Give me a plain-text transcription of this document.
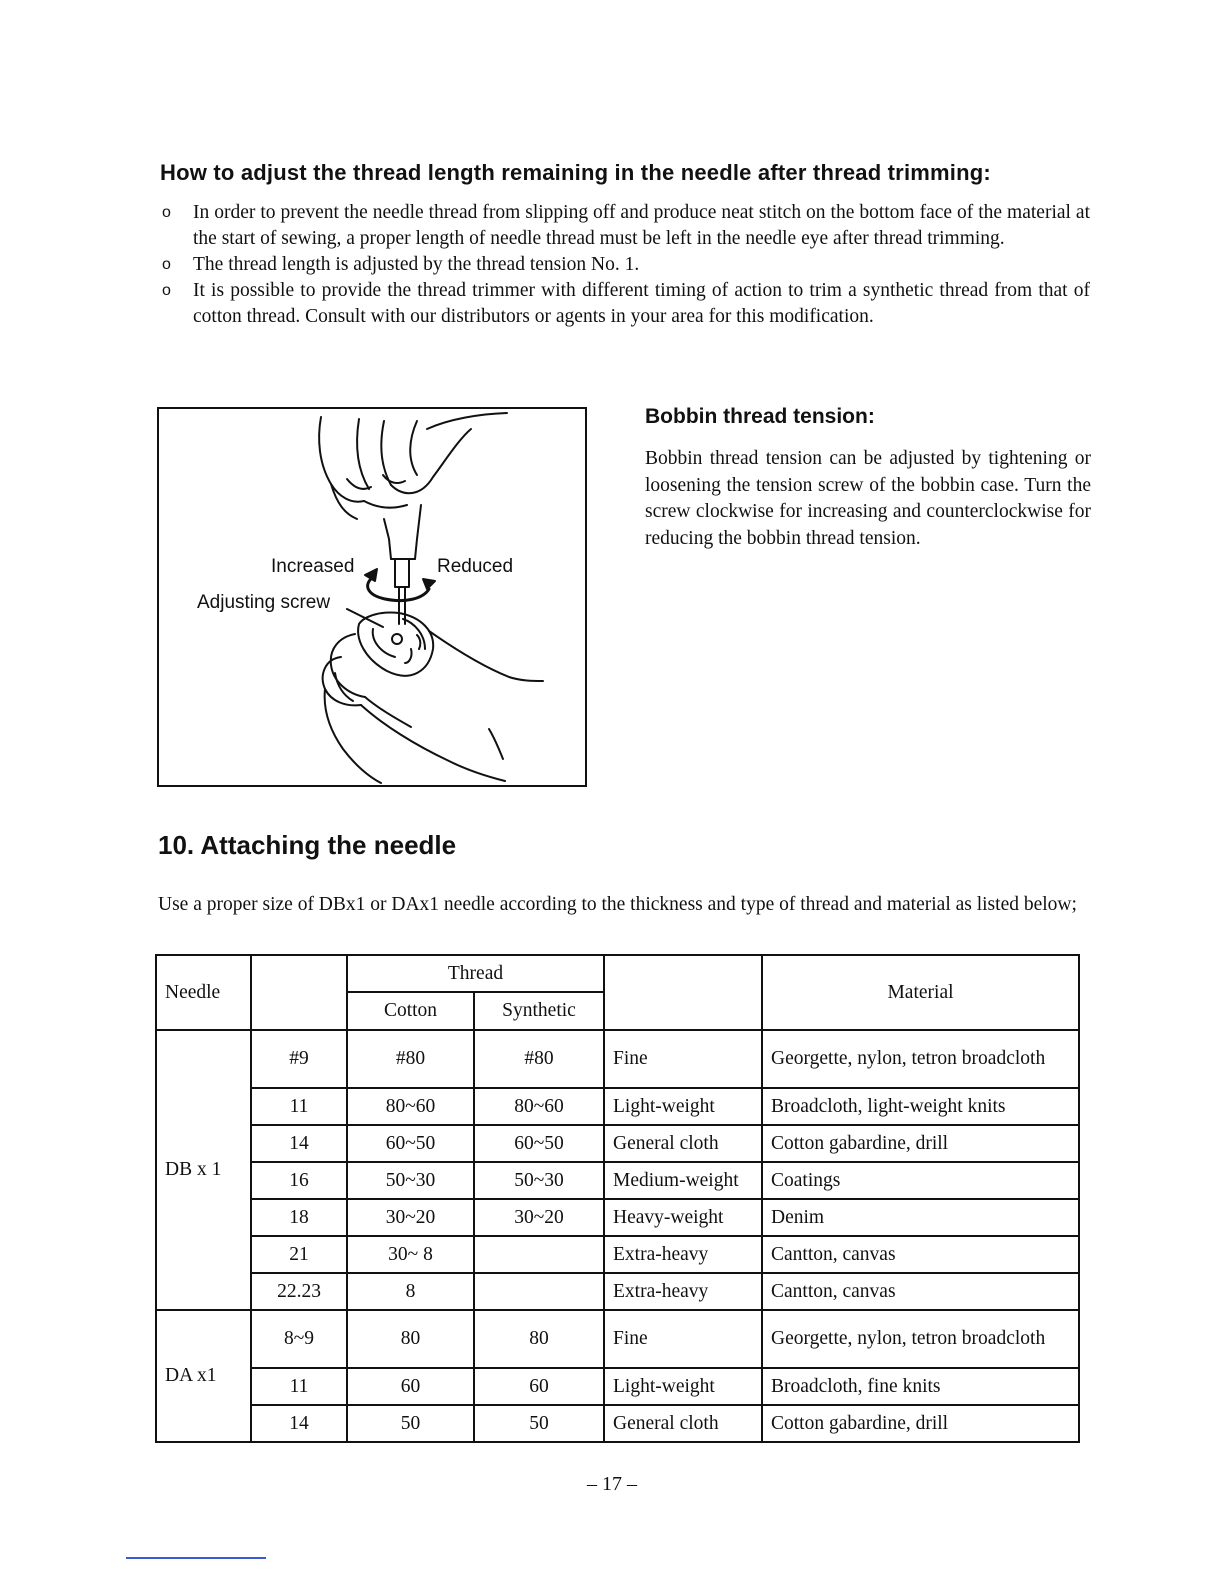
How to adjust the thread length remaining in the needle after thread trimming:
o In order to prevent the needle thread from slipping off and produce neat stitch on the bottom face of the material at the start of sewing, a proper length of needle thread must be left in the needle eye after thread trimming.
o The thread length is adjusted by the thread tension No. 1.
o It is possible to provide the thread trimmer with different timing of action to trim a synthetic thread from that of cotton thread. Consult with our distributors or agents in your area for this modification.
Increased	Reduced
Adjusting screw
Bobbin thread tension:
Bobbin thread tension can be adjusted by tightening or loosening the tension screw of the bobbin case. Turn the screw clockwise for increasing and counterclockwise for reducing the bobbin thread tension.
10. Attaching the needle
Use a proper size of DBx1 or DAx1 needle according to the thickness and type of thread and material as listed below;
Needle		Thread			Material
		Cotton	Synthetic		
DB x 1	#9	#80	#80	Fine	Georgette, nylon, tetron broadcloth
	11	80~60	80~60	Light-weight	Broadcloth, light-weight knits
	14	60~50	60~50	General cloth	Cotton gabardine, drill
	16	50~30	50~30	Medium-weight	Coatings
	18	30~20	30~20	Heavy-weight	Denim
	21	30~ 8		Extra-heavy	Cantton, canvas
	22.23	8		Extra-heavy	Cantton, canvas
DA x1	8~9	80	80	Fine	Georgette, nylon, tetron broadcloth
	11	60	60	Light-weight	Broadcloth, fine knits
	14	50	50	General cloth	Cotton gabardine, drill
– 17 –
